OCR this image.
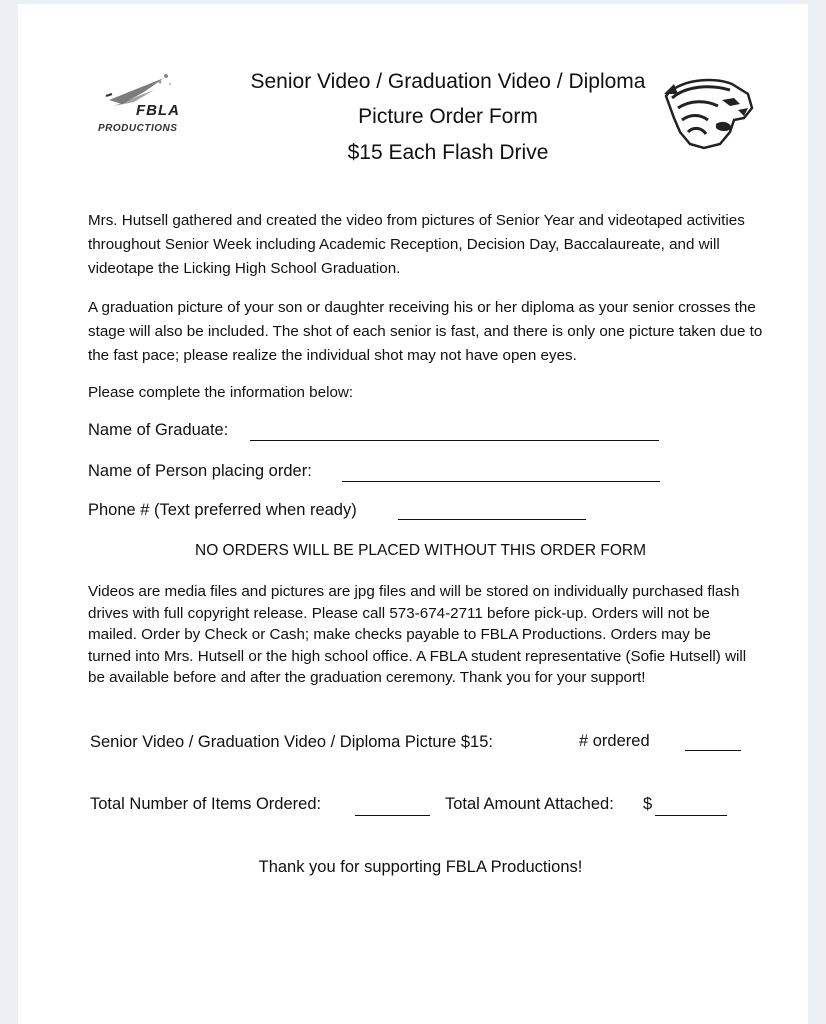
FBLA
PRODUCTIONS
Senior Video / Graduation Video / Diploma
Picture Order Form
$15 Each Flash Drive

Mrs. Hutsell gathered and created the video from pictures of Senior Year and videotaped activities throughout Senior Week including Academic Reception, Decision Day, Baccalaureate, and will videotape the Licking High School Graduation.

A graduation picture of your son or daughter receiving his or her diploma as your senior crosses the stage will also be included. The shot of each senior is fast, and there is only one picture taken due to the fast pace; please realize the individual shot may not have open eyes.

Please complete the information below:

Name of Graduate:
Name of Person placing order:
Phone # (Text preferred when ready)
NO ORDERS WILL BE PLACED WITHOUT THIS ORDER FORM

Videos are media files and pictures are jpg files and will be stored on individually purchased flash drives with full copyright release. Please call 573-674-2711 before pick-up. Orders will not be mailed. Order by Check or Cash; make checks payable to FBLA Productions. Orders may be turned into Mrs. Hutsell or the high school office. A FBLA student representative (Sofie Hutsell) will be available before and after the graduation ceremony. Thank you for your support!

Senior Video / Graduation Video / Diploma Picture $15:	# ordered
Total Number of Items Ordered:	Total Amount Attached: $
Thank you for supporting FBLA Productions!
